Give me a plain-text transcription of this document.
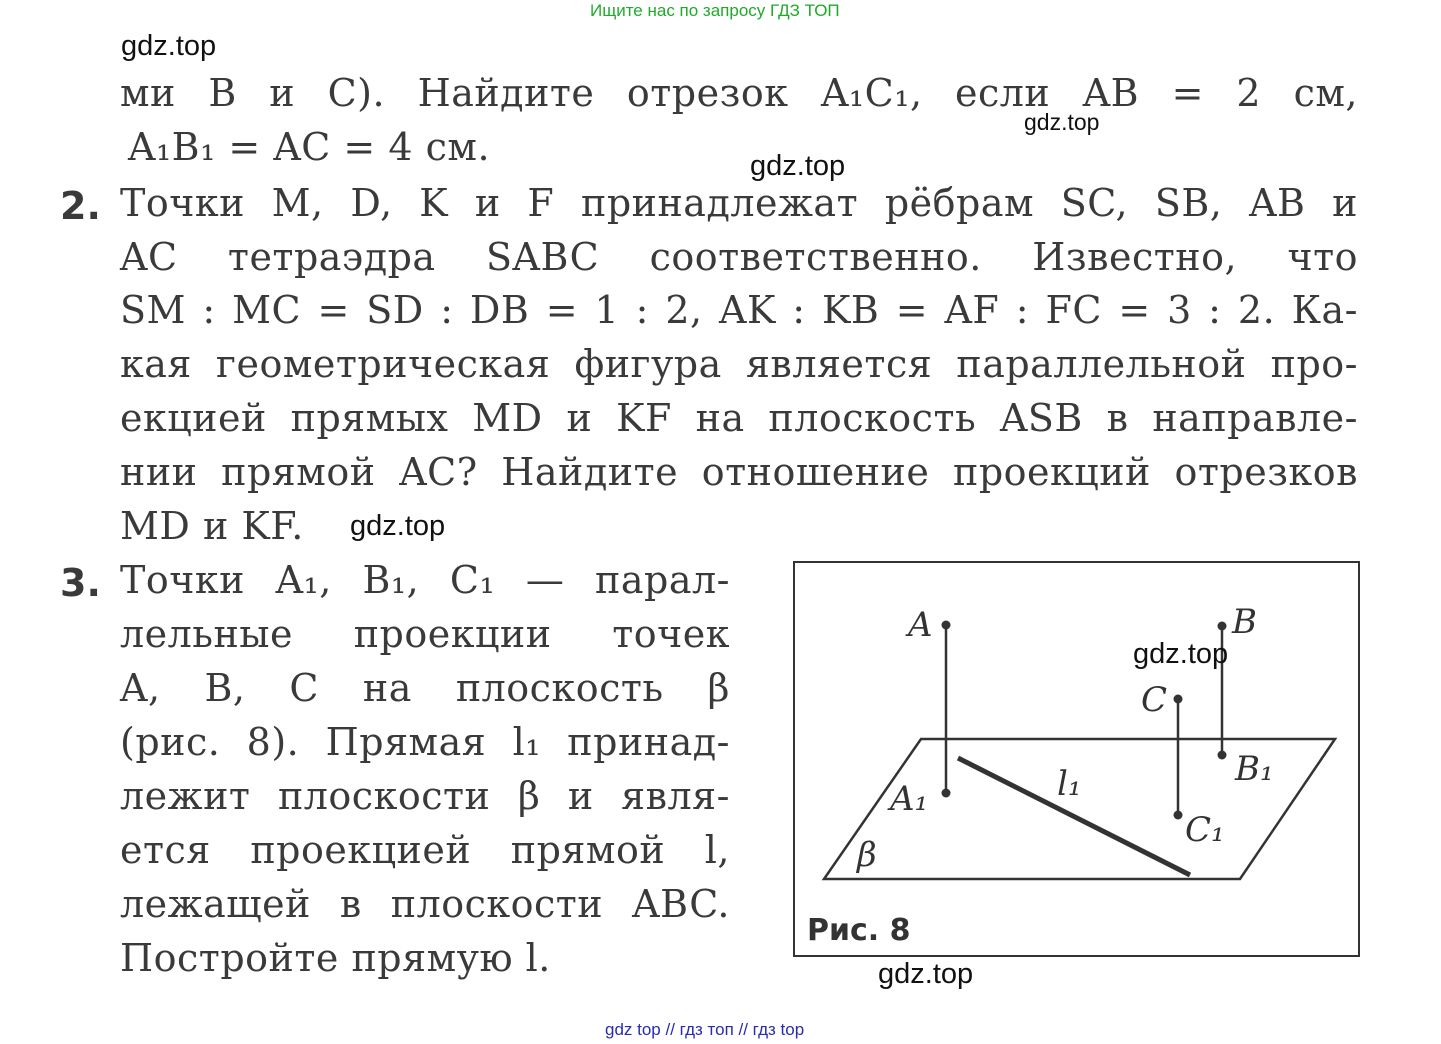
Ищите нас по запросу ГДЗ ТОП
gdz.top
gdz.top
gdz.top
gdz.top
ми B и C). Найдите отрезок A₁C₁, если AB = 2 см,
A₁B₁ = AC = 4 см.
2. Точки M, D, K и F принадлежат рёбрам SC, SB, AB и
AC тетраэдра SABC соответственно. Известно, что
SM : MC = SD : DB = 1 : 2, AK : KB = AF : FC = 3 : 2. Ка-
кая геометрическая фигура является параллельной про-
екцией прямых MD и KF на плоскость ASB в направле-
нии прямой AC? Найдите отношение проекций отрезков
MD и KF.
3. Точки A₁, B₁, C₁ — парал-
лельные проекции точек
A, B, C на плоскость β
(рис. 8). Прямая l₁ принад-
лежит плоскости β и явля-
ется проекцией прямой l,
лежащей в плоскости ABC.
Постройте прямую l.
A	B
C
A₁
B₁
C₁
l₁
β
Рис. 8
gdz.top
gdz.top
gdz top // гдз топ // гдз top
